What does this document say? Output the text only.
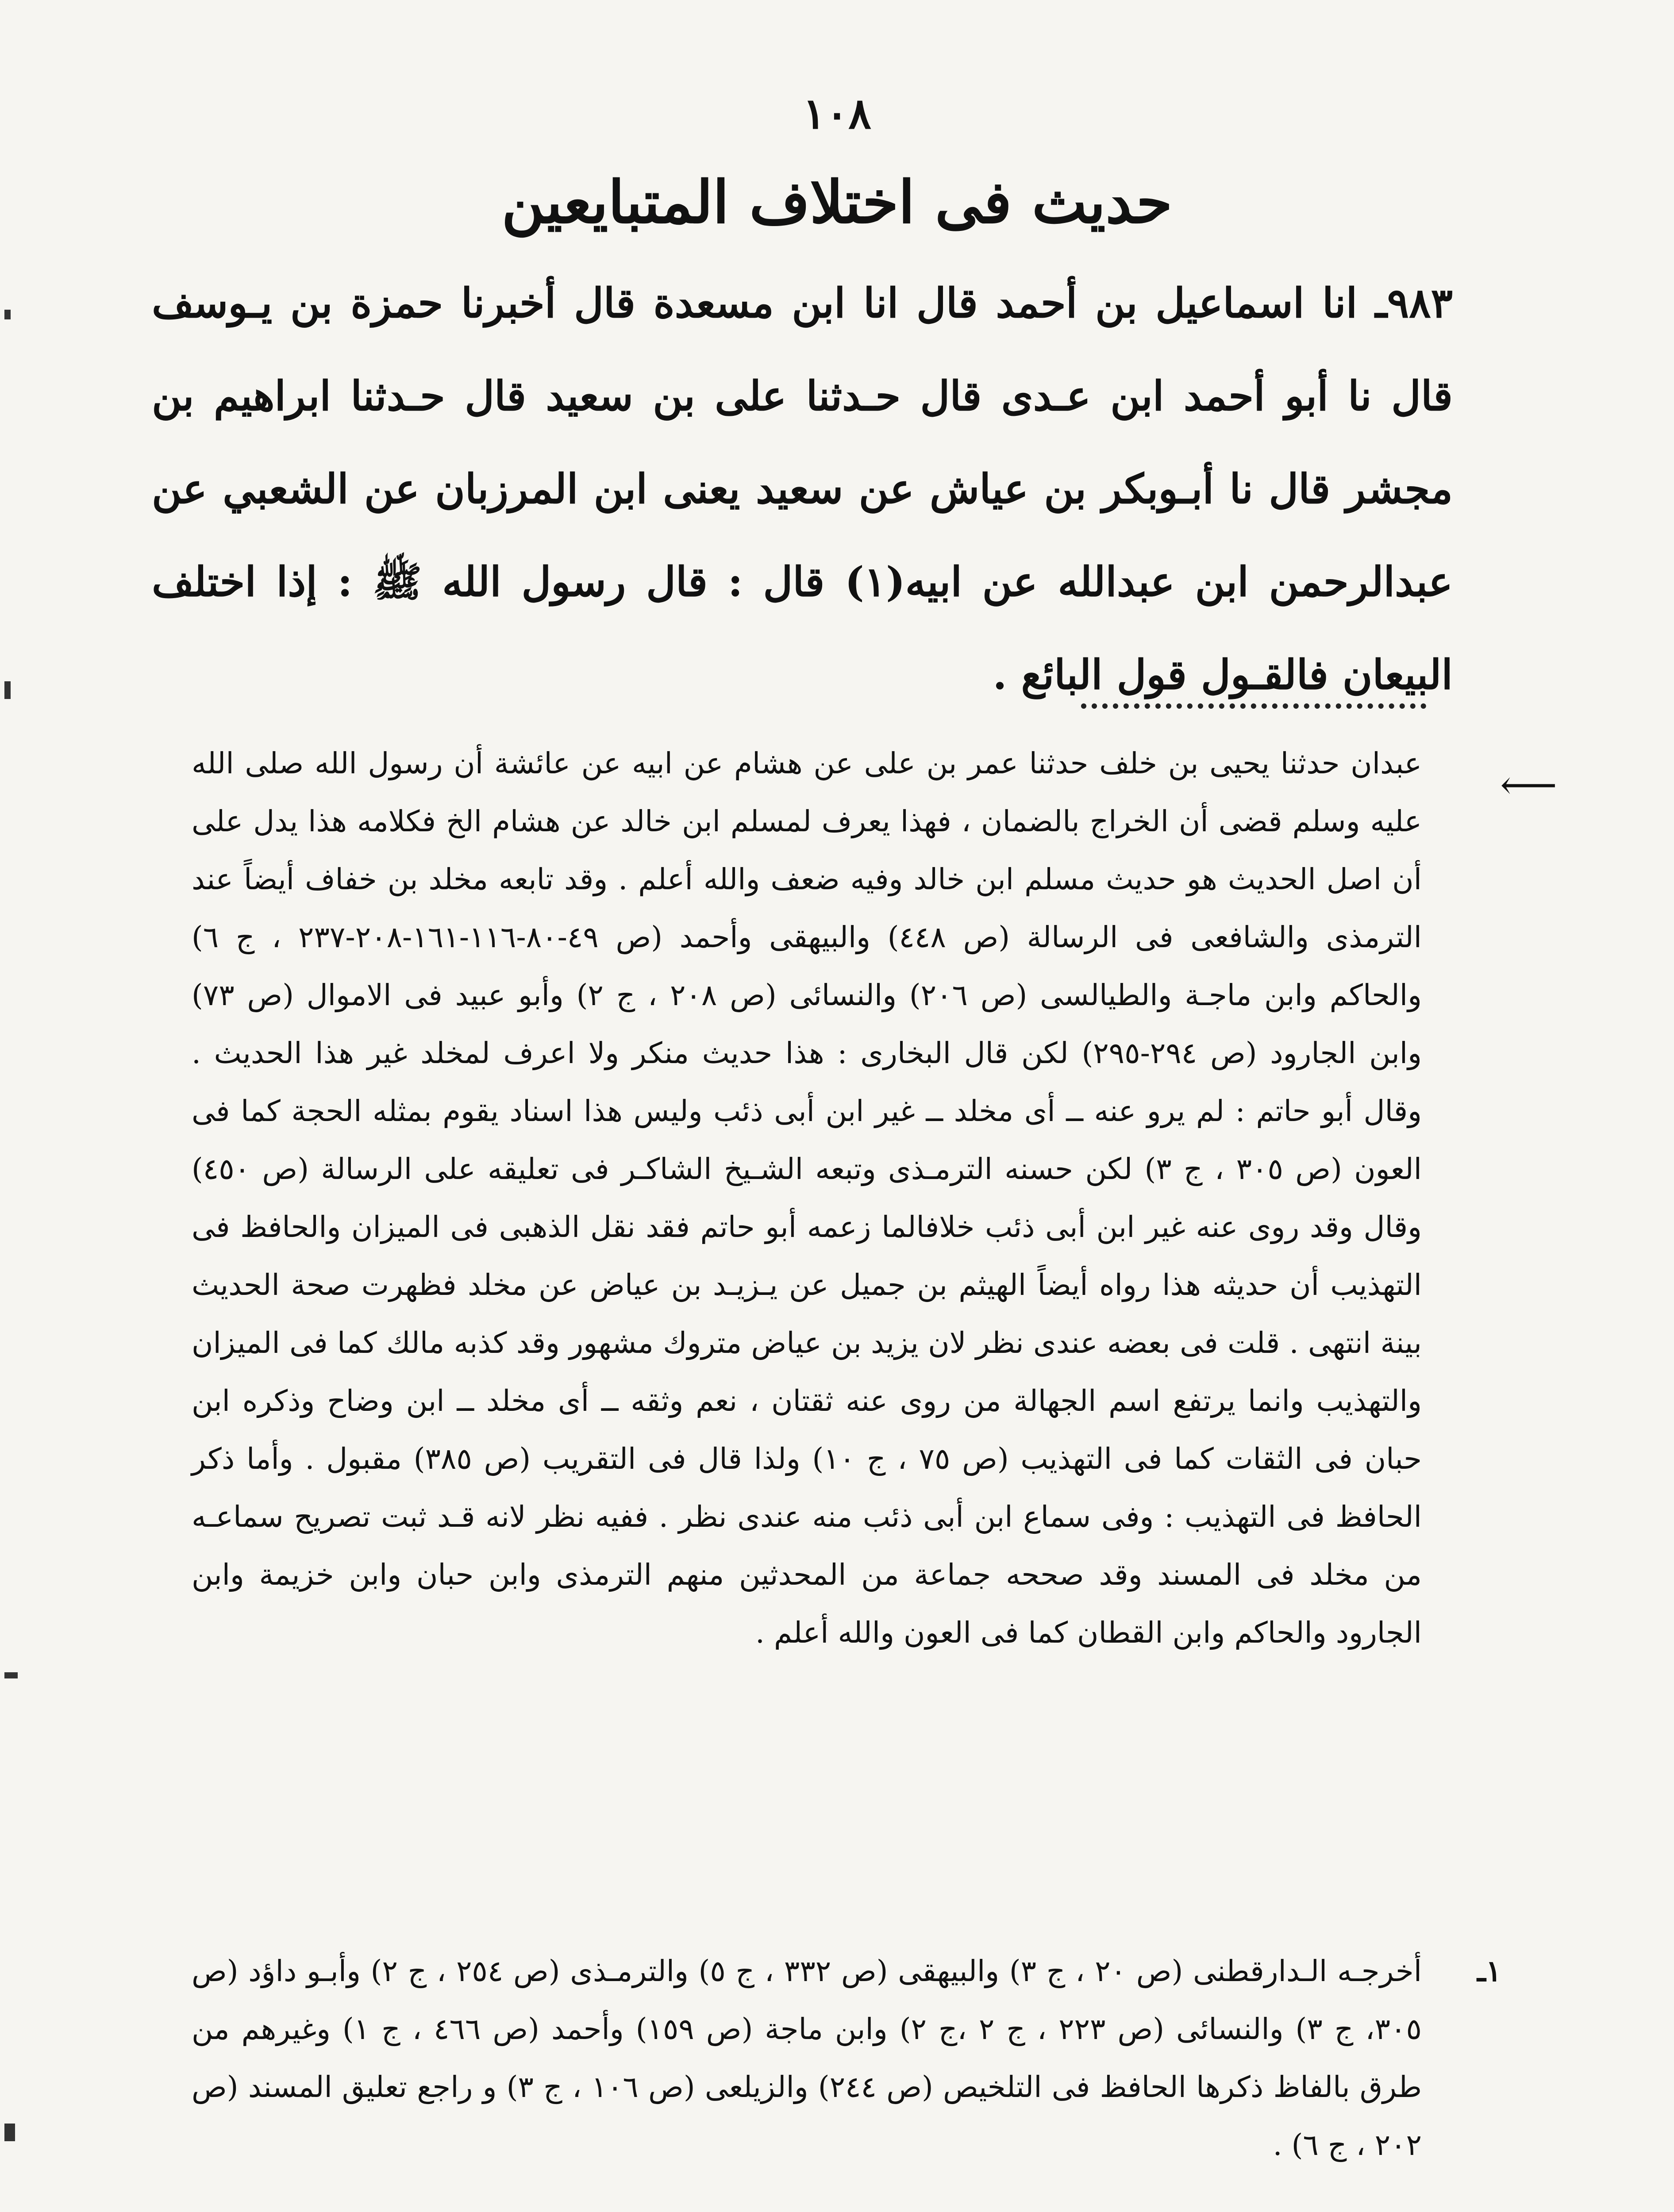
١٠٨
حديث فى اختلاف المتبايعين

٩٨٣ـ انا اسماعيل بن أحمد قال انا ابن مسعدة قال أخبرنا حمزة بن يـوسف قال نا أبو أحمد ابن عـدى قال حـدثنا على بن سعيد قال حـدثنا ابراهيم بن مجشر قال نا أبـوبكر بن عياش عن سعيد يعنى ابن المرزبان عن الشعبي عن عبدالرحمن ابن عبدالله عن ابيه(١) قال : قال رسول الله ﷺ : إذا اختلف البيعان فالقـول قول البائع .

⟵

عبدان حدثنا يحيى بن خلف حدثنا عمر بن على عن هشام عن ابيه عن عائشة أن رسول الله صلى الله عليه وسلم قضى أن الخراج بالضمان ، فهذا يعرف لمسلم ابن خالد عن هشام الخ فكلامه هذا يدل على أن اصل الحديث هو حديث مسلم ابن خالد وفيه ضعف والله أعلم . وقد تابعه مخلد بن خفاف أيضاً عند الترمذى والشافعى فى الرسالة (ص ٤٤٨) والبيهقى وأحمد (ص ٤٩-٨٠-١١٦-١٦١-٢٠٨-٢٣٧ ، ج ٦) والحاكم وابن ماجـة والطيالسى (ص ٢٠٦) والنسائى (ص ٢٠٨ ، ج ٢) وأبو عبيد فى الاموال (ص ٧٣) وابن الجارود (ص ٢٩٤-٢٩٥) لكن قال البخارى : هذا حديث منكر ولا اعرف لمخلد غير هذا الحديث . وقال أبو حاتم : لم يرو عنه ــ أى مخلد ــ غير ابن أبى ذئب وليس هذا اسناد يقوم بمثله الحجة كما فى العون (ص ٣٠٥ ، ج ٣) لكن حسنه الترمـذى وتبعه الشـيخ الشاكـر فى تعليقه على الرسالة (ص ٤٥٠) وقال وقد روى عنه غير ابن أبى ذئب خلافالما زعمه أبو حاتم فقد نقل الذهبى فى الميزان والحافظ فى التهذيب أن حديثه هذا رواه أيضاً الهيثم بن جميل عن يـزيـد بن عياض عن مخلد فظهرت صحة الحديث بينة انتهى . قلت فى بعضه عندى نظر لان يزيد بن عياض متروك مشهور وقد كذبه مالك كما فى الميزان والتهذيب وانما يرتفع اسم الجهالة من روى عنه ثقتان ، نعم وثقه ــ أى مخلد ــ ابن وضاح وذكره ابن حبان فى الثقات كما فى التهذيب (ص ٧٥ ، ج ١٠) ولذا قال فى التقريب (ص ٣٨٥) مقبول . وأما ذكر الحافظ فى التهذيب : وفى سماع ابن أبى ذئب منه عندى نظر . ففيه نظر لانه قـد ثبت تصريح سماعـه من مخلد فى المسند وقد صححه جماعة من المحدثين منهم الترمذى وابن حبان وابن خزيمة وابن الجارود والحاكم وابن القطان كما فى العون والله أعلم .

١ـ
أخرجـه الـدارقطنى (ص ٢٠ ، ج ٣) والبيهقى (ص ٣٣٢ ، ج ٥) والترمـذى (ص ٢٥٤ ، ج ٢) وأبـو داؤد (ص ٣٠٥، ج ٣) والنسائى (ص ٢٢٣ ، ج ٢ ،ج ٢) وابن ماجة (ص ١٥٩) وأحمد (ص ٤٦٦ ، ج ١) وغيرهم من طرق بالفاظ ذكرها الحافظ فى التلخيص (ص ٢٤٤) والزيلعى (ص ١٠٦ ، ج ٣) و راجع تعليق المسند (ص ٢٠٢ ، ج ٦) .
